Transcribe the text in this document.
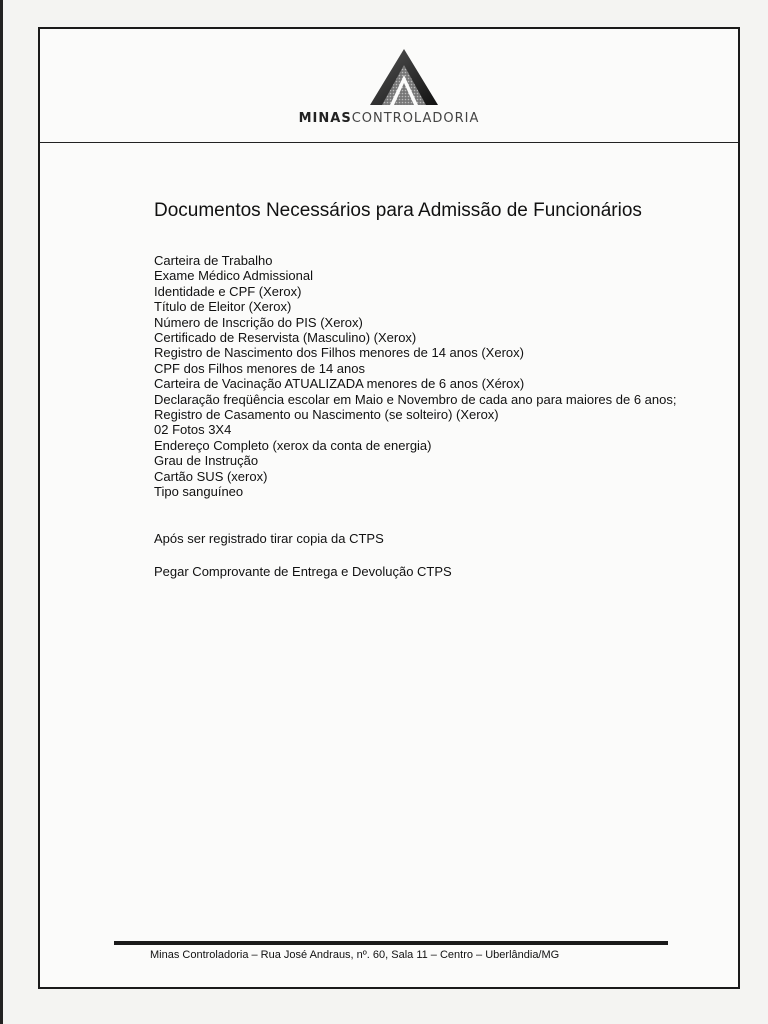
MINASCONTROLADORIA
Documentos Necessários para Admissão de Funcionários
Carteira de Trabalho
Exame Médico Admissional
Identidade e CPF (Xerox)
Título de Eleitor (Xerox)
Número de Inscrição do PIS (Xerox)
Certificado de Reservista (Masculino) (Xerox)
Registro de Nascimento dos Filhos menores de 14 anos (Xerox)
CPF dos Filhos menores de 14 anos
Carteira de Vacinação ATUALIZADA menores de 6 anos (Xérox)
Declaração freqüência escolar em Maio e Novembro de cada ano para maiores de 6 anos;
Registro de Casamento ou Nascimento (se solteiro) (Xerox)
02 Fotos 3X4
Endereço Completo (xerox da conta de energia)
Grau de Instrução
Cartão SUS (xerox)
Tipo sanguíneo
Após ser registrado tirar copia da CTPS
Pegar Comprovante de Entrega e Devolução CTPS
Minas Controladoria – Rua José Andraus, nº. 60, Sala 11 – Centro – Uberlândia/MG
